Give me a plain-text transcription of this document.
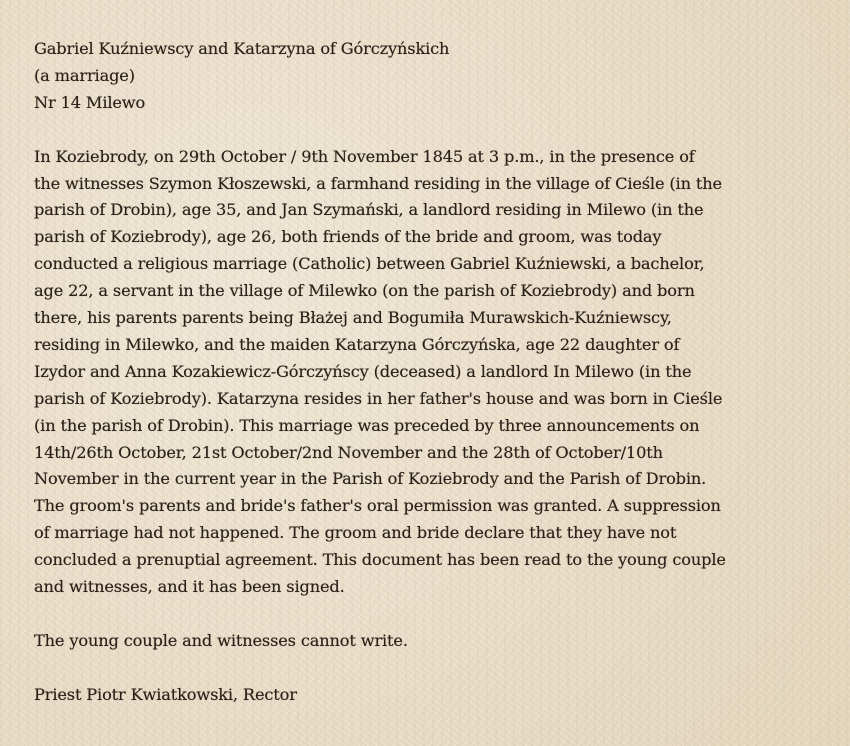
Gabriel Kuźniewscy and Katarzyna of Górczyńskich
(a marriage)
Nr 14 Milewo
In Koziebrody, on 29th October / 9th November 1845 at 3 p.m., in the presence of
the witnesses Szymon Kłoszewski, a farmhand residing in the village of Cieśle (in the
parish of Drobin), age 35, and Jan Szymański, a landlord residing in Milewo (in the
parish of Koziebrody), age 26, both friends of the bride and groom, was today
conducted a religious marriage (Catholic) between Gabriel Kuźniewski, a bachelor,
age 22, a servant in the village of Milewko (on the parish of Koziebrody) and born
there, his parents parents being Błażej and Bogumiła Murawskich-Kuźniewscy,
residing in Milewko, and the maiden Katarzyna Górczyńska, age 22 daughter of
Izydor and Anna Kozakiewicz-Górczyńscy (deceased) a landlord In Milewo (in the
parish of Koziebrody). Katarzyna resides in her father's house and was born in Cieśle
(in the parish of Drobin). This marriage was preceded by three announcements on
14th/26th October, 21st October/2nd November and the 28th of October/10th
November in the current year in the Parish of Koziebrody and the Parish of Drobin.
The groom's parents and bride's father's oral permission was granted. A suppression
of marriage had not happened. The groom and bride declare that they have not
concluded a prenuptial agreement. This document has been read to the young couple
and witnesses, and it has been signed.
The young couple and witnesses cannot write.
Priest Piotr Kwiatkowski, Rector
